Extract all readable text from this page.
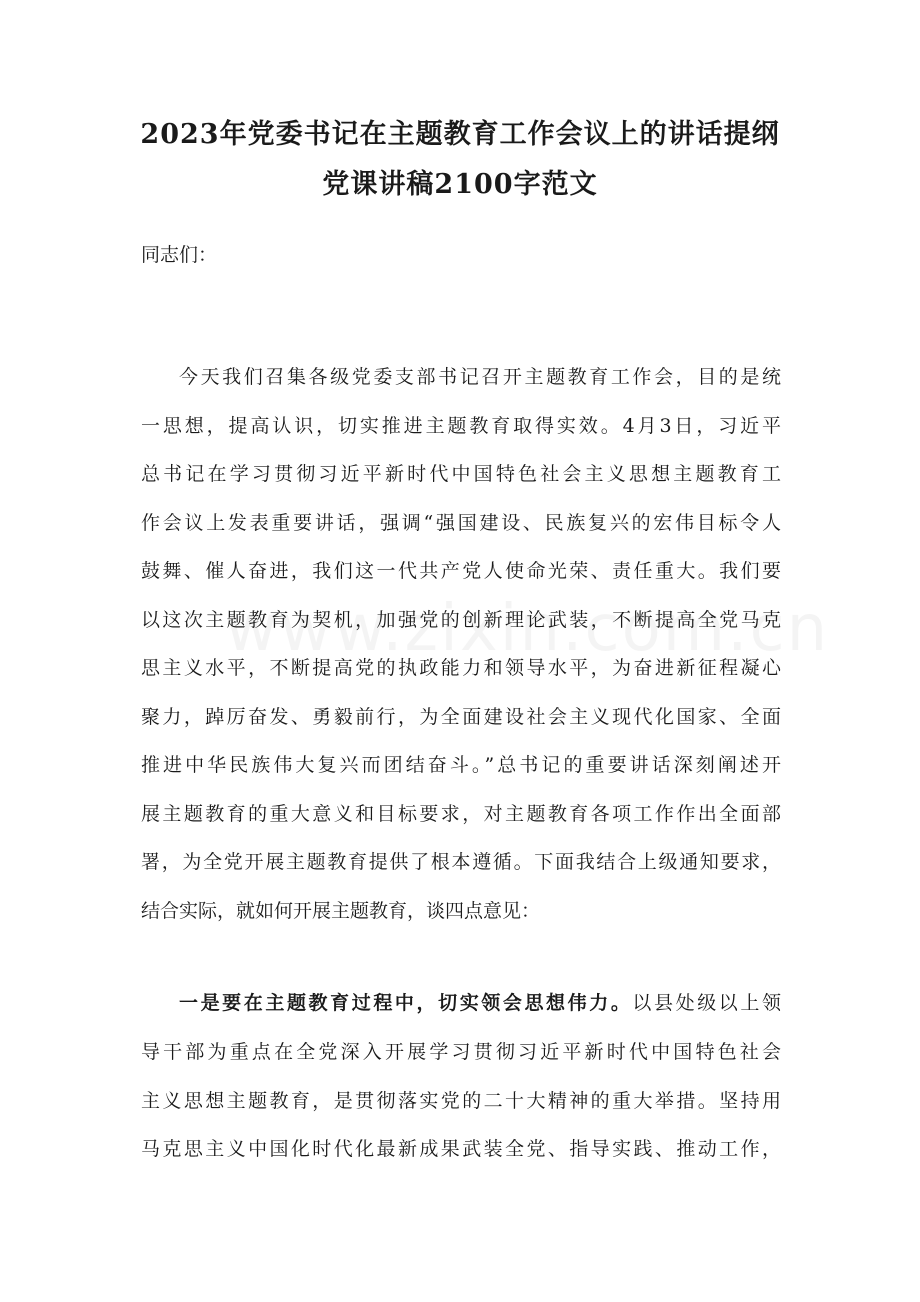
2023年党委书记在主题教育工作会议上的讲话提纲
党课讲稿2100字范文
同志们：
今天我们召集各级党委支部书记召开主题教育工作会，目的是统
一思想，提高认识，切实推进主题教育取得实效。4月3日，习近平
总书记在学习贯彻习近平新时代中国特色社会主义思想主题教育工
作会议上发表重要讲话，强调“强国建设、民族复兴的宏伟目标令人
鼓舞、催人奋进，我们这一代共产党人使命光荣、责任重大。我们要
以这次主题教育为契机，加强党的创新理论武装，不断提高全党马克
思主义水平，不断提高党的执政能力和领导水平，为奋进新征程凝心
聚力，踔厉奋发、勇毅前行，为全面建设社会主义现代化国家、全面
推进中华民族伟大复兴而团结奋斗。”总书记的重要讲话深刻阐述开
展主题教育的重大意义和目标要求，对主题教育各项工作作出全面部
署，为全党开展主题教育提供了根本遵循。下面我结合上级通知要求，
结合实际，就如何开展主题教育，谈四点意见：
一是要在主题教育过程中，切实领会思想伟力。以县处级以上领
导干部为重点在全党深入开展学习贯彻习近平新时代中国特色社会
主义思想主题教育，是贯彻落实党的二十大精神的重大举措。坚持用
马克思主义中国化时代化最新成果武装全党、指导实践、推动工作，
